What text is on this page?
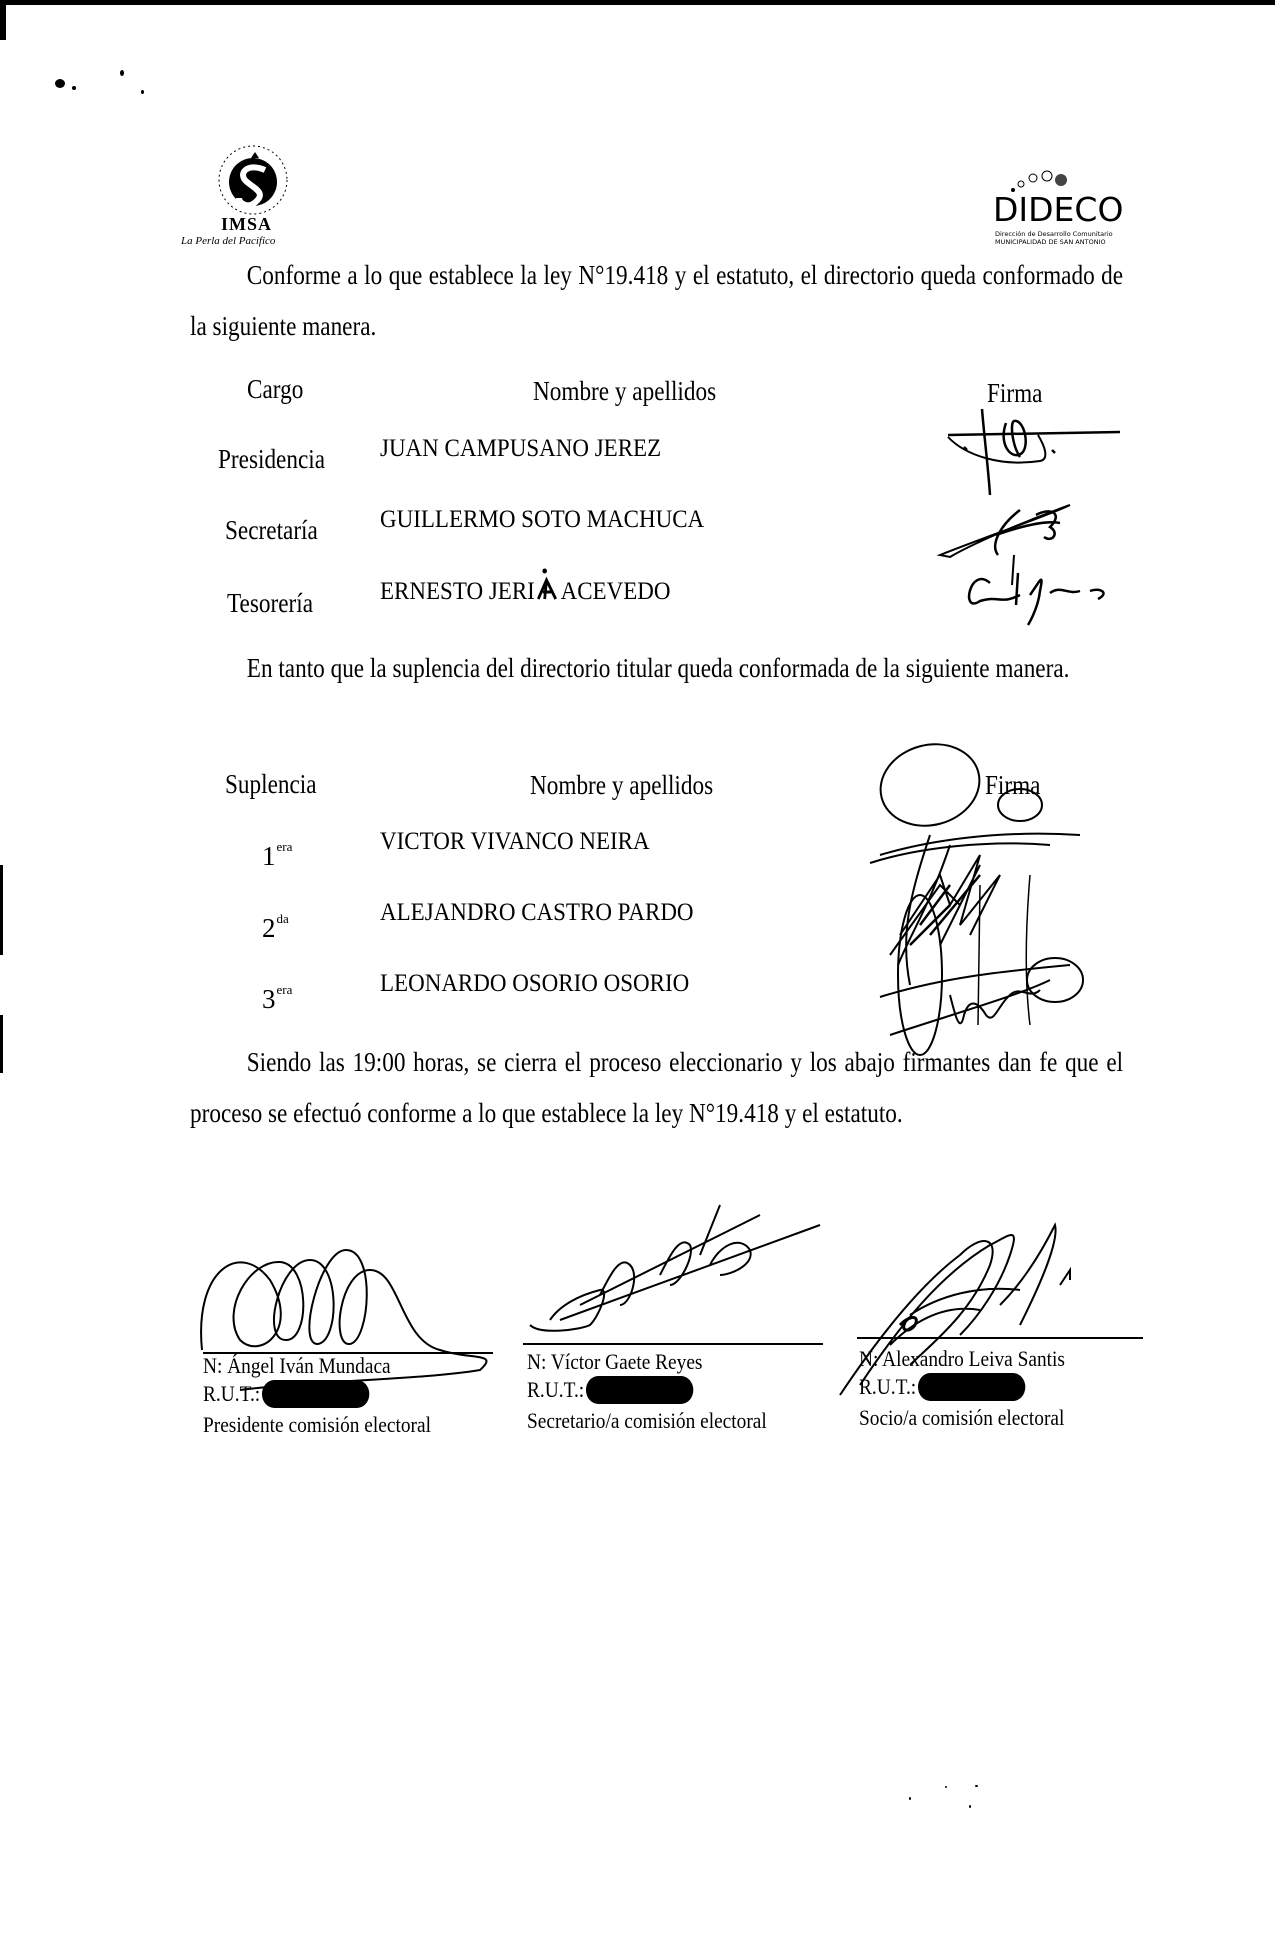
IMSA
La Perla del Pacifico
DIDECO
Dirección de Desarrollo Comunitario
MUNICIPALIDAD DE SAN ANTONIO
Conforme a lo que establece la ley N°19.418 y el estatuto, el directorio queda conformado de la siguiente manera.
Cargo	Nombre y apellidos	Firma
Presidencia JUAN CAMPUSANO JEREZ
Secretaría GUILLERMO SOTO MACHUCA
Tesorería	ERNESTO JERI ACEVEDO
En tanto que la suplencia del directorio titular queda conformada de la siguiente manera.
Suplencia	Nombre y apellidos	Firma
$1^{era}$	VICTOR VIVANCO NEIRA
$2^{da}$	ALEJANDRO CASTRO PARDO
$3^{era}$	LEONARDO OSORIO OSORIO
Siendo las 19:00 horas, se cierra el proceso eleccionario y los abajo firmantes dan fe que el proceso se efectuó conforme a lo que establece la ley N°19.418 y el estatuto.
N: Ángel Iván Mundaca
R.U.T.:
Presidente comisión electoral
N: Víctor Gaete Reyes
R.U.T.:
Secretario/a comisión electoral
N: Alexandro Leiva Santis
R.U.T.:
Socio/a comisión electoral
